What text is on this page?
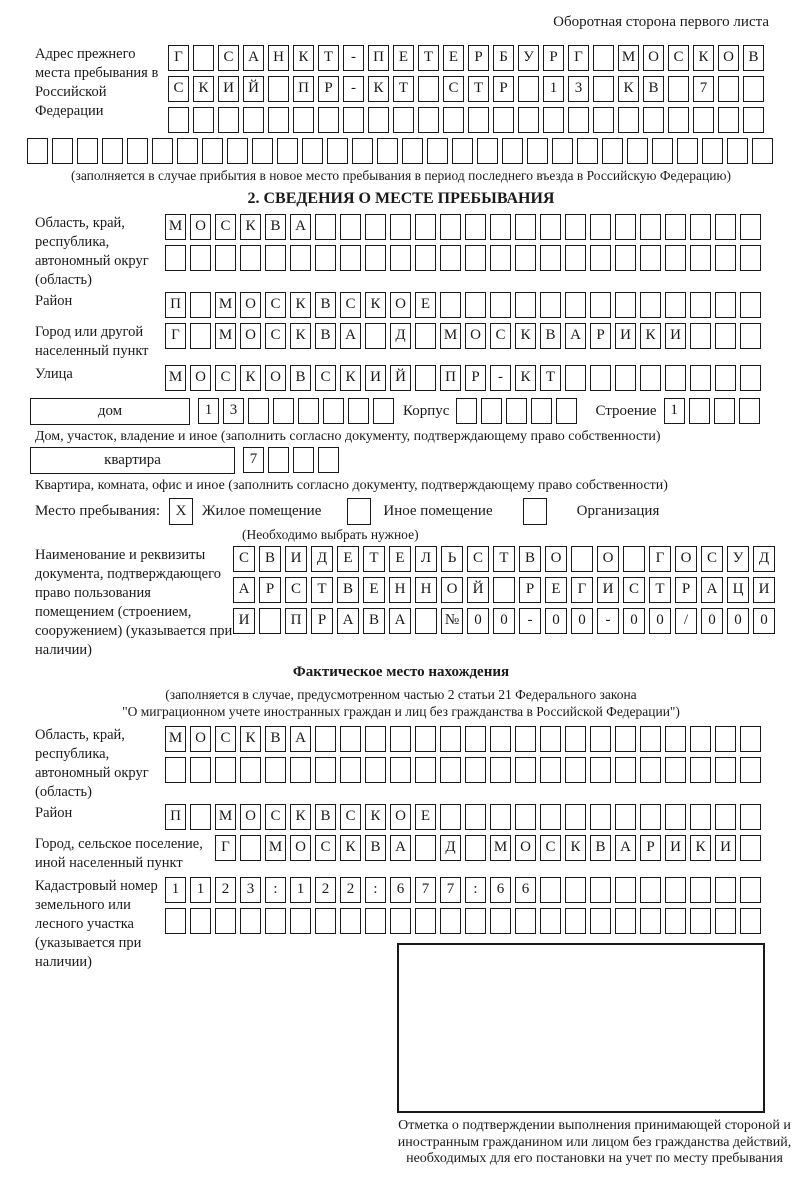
Оборотная сторона первого листа
Адрес прежнего места пребывания в Российской Федерации
Г	С А Н К	Т	-	П Е	Т	Е	Р	Б	У	Р	Г	М О С К О В
С К И Й	П	Р	-	К	Т	С	Т	Р	1	3	К В	7
(заполняется в случае прибытия в новое место пребывания в период последнего въезда в Российскую Федерацию)
2. СВЕДЕНИЯ О МЕСТЕ ПРЕБЫВАНИЯ
Область, край, республика, автономный округ (область)
М О С К В А
Район	П	М О С К В С К О Е
Город или другой населенный пункт
Г	М О С К В А	Д	М О С К В А	Р	И К И
Улица	М О С К О В С К И Й	П	Р	-	К	Т
дом	1	3	Корпус	Строение 1
Дом, участок, владение и иное (заполнить согласно документу, подтверждающему право собственности)
квартира	7
Квартира, комната, офис и иное (заполнить согласно документу, подтверждающему право собственности)
Место пребывания:	X	Жилое помещение	Иное помещение	Организация
(Необходимо выбрать нужное)
Наименование и реквизиты документа, подтверждающего право пользования помещением (строением, сооружением) (указывается при наличии)
С	В	И	Д	Е	Т	Е	Л	Ь	С	Т	В	О	О	Г	О	С	У	Д
А	Р	С	Т	В	Е	Н	Н	О	Й	Р	Е	Г	И	С	Т	Р	А	Ц	И
И	П	Р	А	В	А	№	0	0	-	0	0	-	0	0	/	0	0	0
Фактическое место нахождения
(заполняется в случае, предусмотренном частью 2 статьи 21 Федерального закона
"О миграционном учете иностранных граждан и лиц без гражданства в Российской Федерации")
Область, край, республика, автономный округ (область)
М О С К В А
Район	П	М О С К В С К О Е
Город, сельское поселение, иной населенный пункт
Г	М О С К В А	Д	М О С К В А	Р	И К И
Кадастровый номер земельного или лесного участка (указывается при наличии)
1	1	2	3	:	1	2	2	:	6	7	7	:	6	6
Отметка о подтверждении выполнения принимающей стороной и иностранным гражданином или лицом без гражданства действий, необходимых для его постановки на учет по месту пребывания
